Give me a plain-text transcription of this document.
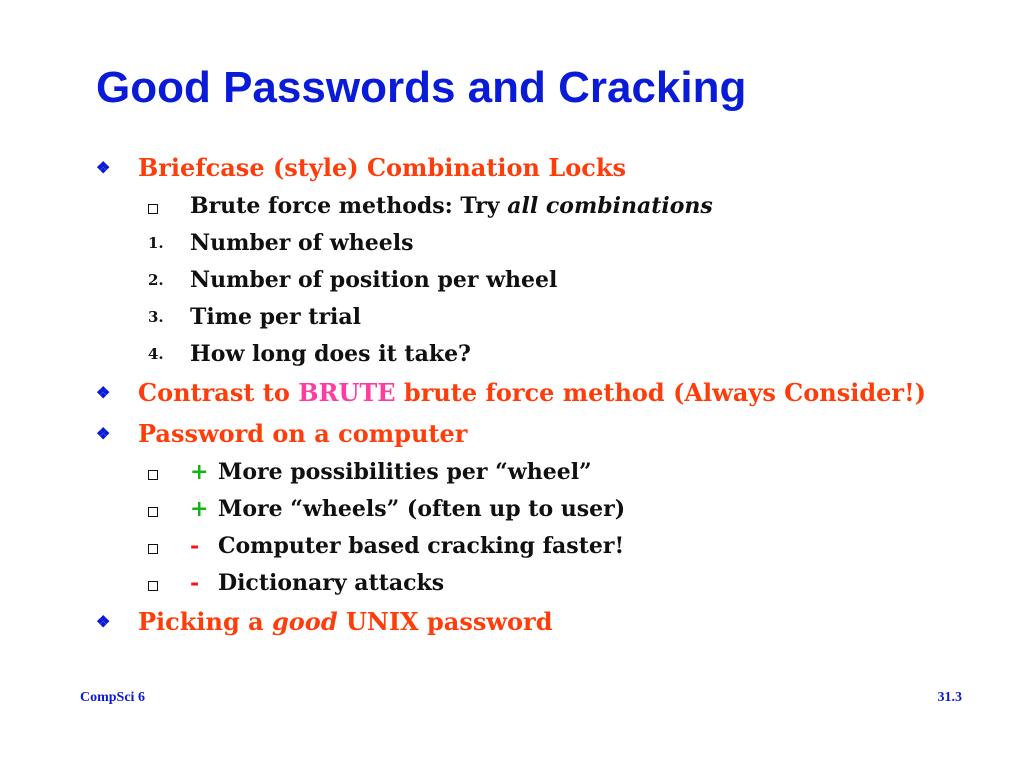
Good Passwords and Cracking
❖ Briefcase (style) Combination Locks
Brute force methods: Try all combinations
1. Number of wheels
2. Number of position per wheel
3. Time per trial
4. How long does it take?
❖ Contrast to BRUTE brute force method (Always Consider!)
❖ Password on a computer
+ More possibilities per “wheel”
+ More “wheels” (often up to user)
- Computer based cracking faster!
- Dictionary attacks
❖ Picking a good UNIX password
CompSci 6	31.3
